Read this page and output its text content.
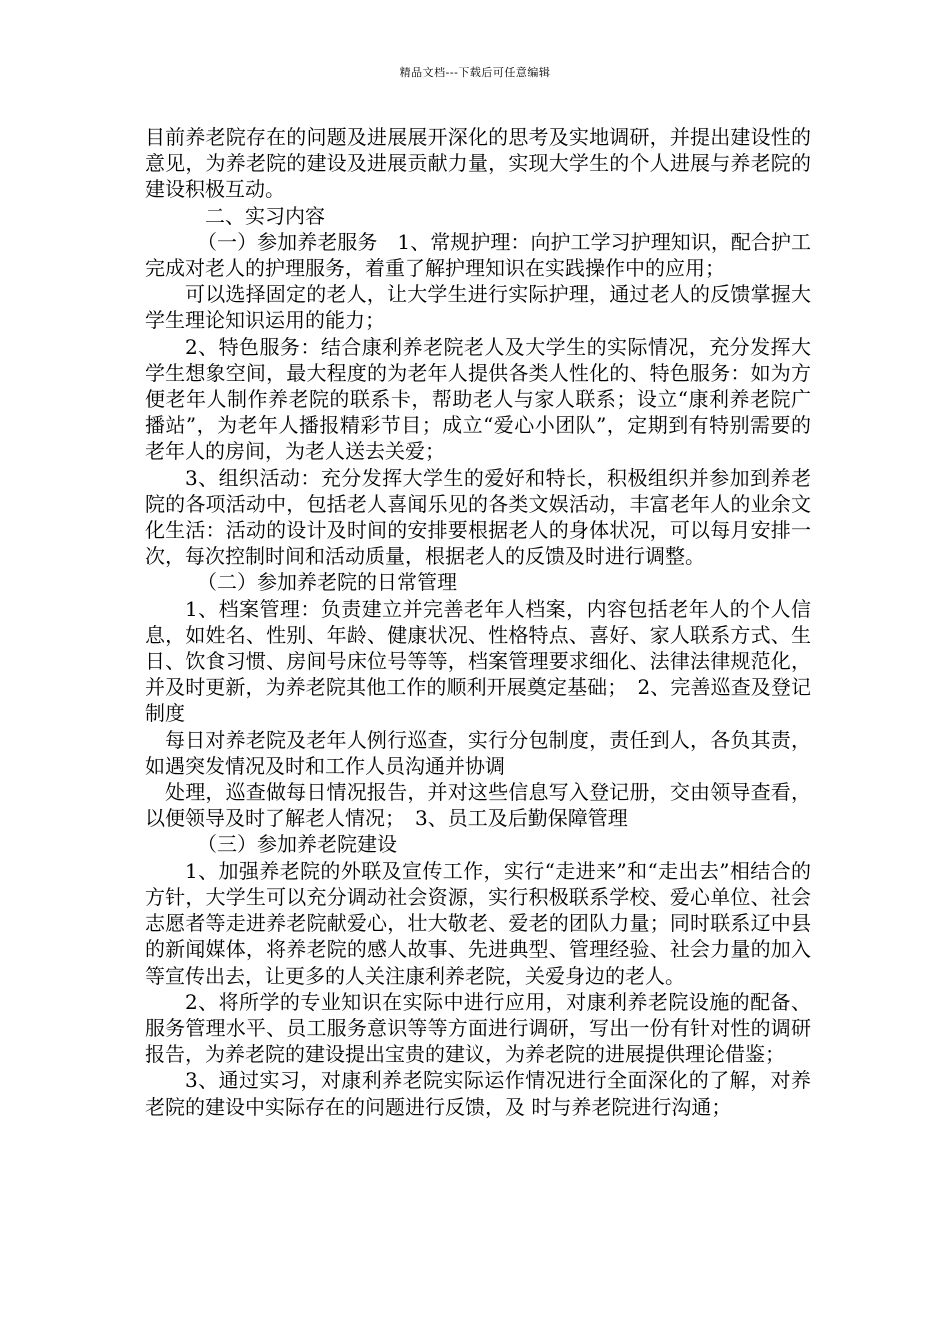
精品文档---下载后可任意编辑

目前养老院存在的问题及进展展开深化的思考及实地调研，并提出建设性的意见，为养老院的建设及进展贡献力量，实现大学生的个人进展与养老院的建设积极互动。

二、实习内容

（一）参加养老服务　1、常规护理：向护工学习护理知识，配合护工完成对老人的护理服务，着重了解护理知识在实践操作中的应用；

可以选择固定的老人，让大学生进行实际护理，通过老人的反馈掌握大学生理论知识运用的能力；

2、特色服务：结合康利养老院老人及大学生的实际情况，充分发挥大学生想象空间，最大程度的为老年人提供各类人性化的、特色服务：如为方便老年人制作养老院的联系卡，帮助老人与家人联系；设立“康利养老院广播站”，为老年人播报精彩节目；成立“爱心小团队”，定期到有特别需要的老年人的房间，为老人送去关爱；

3、组织活动：充分发挥大学生的爱好和特长，积极组织并参加到养老院的各项活动中，包括老人喜闻乐见的各类文娱活动，丰富老年人的业余文化生活：活动的设计及时间的安排要根据老人的身体状况，可以每月安排一次，每次控制时间和活动质量，根据老人的反馈及时进行调整。

（二）参加养老院的日常管理

1、档案管理：负责建立并完善老年人档案，内容包括老年人的个人信息，如姓名、性别、年龄、健康状况、性格特点、喜好、家人联系方式、生日、饮食习惯、房间号床位号等等，档案管理要求细化、法律法律规范化，并及时更新，为养老院其他工作的顺利开展奠定基础；　2、完善巡查及登记制度

每日对养老院及老年人例行巡查，实行分包制度，责任到人，各负其责，如遇突发情况及时和工作人员沟通并协调

处理，巡查做每日情况报告，并对这些信息写入登记册，交由领导查看，以便领导及时了解老人情况；　3、员工及后勤保障管理

（三）参加养老院建设

1、加强养老院的外联及宣传工作，实行“走进来”和“走出去”相结合的方针，大学生可以充分调动社会资源，实行积极联系学校、爱心单位、社会志愿者等走进养老院献爱心，壮大敬老、爱老的团队力量；同时联系辽中县的新闻媒体，将养老院的感人故事、先进典型、管理经验、社会力量的加入等宣传出去，让更多的人关注康利养老院，关爱身边的老人。

2、将所学的专业知识在实际中进行应用，对康利养老院设施的配备、服务管理水平、员工服务意识等等方面进行调研，写出一份有针对性的调研报告，为养老院的建设提出宝贵的建议，为养老院的进展提供理论借鉴；

3、通过实习，对康利养老院实际运作情况进行全面深化的了解，对养老院的建设中实际存在的问题进行反馈，及 时与养老院进行沟通；
